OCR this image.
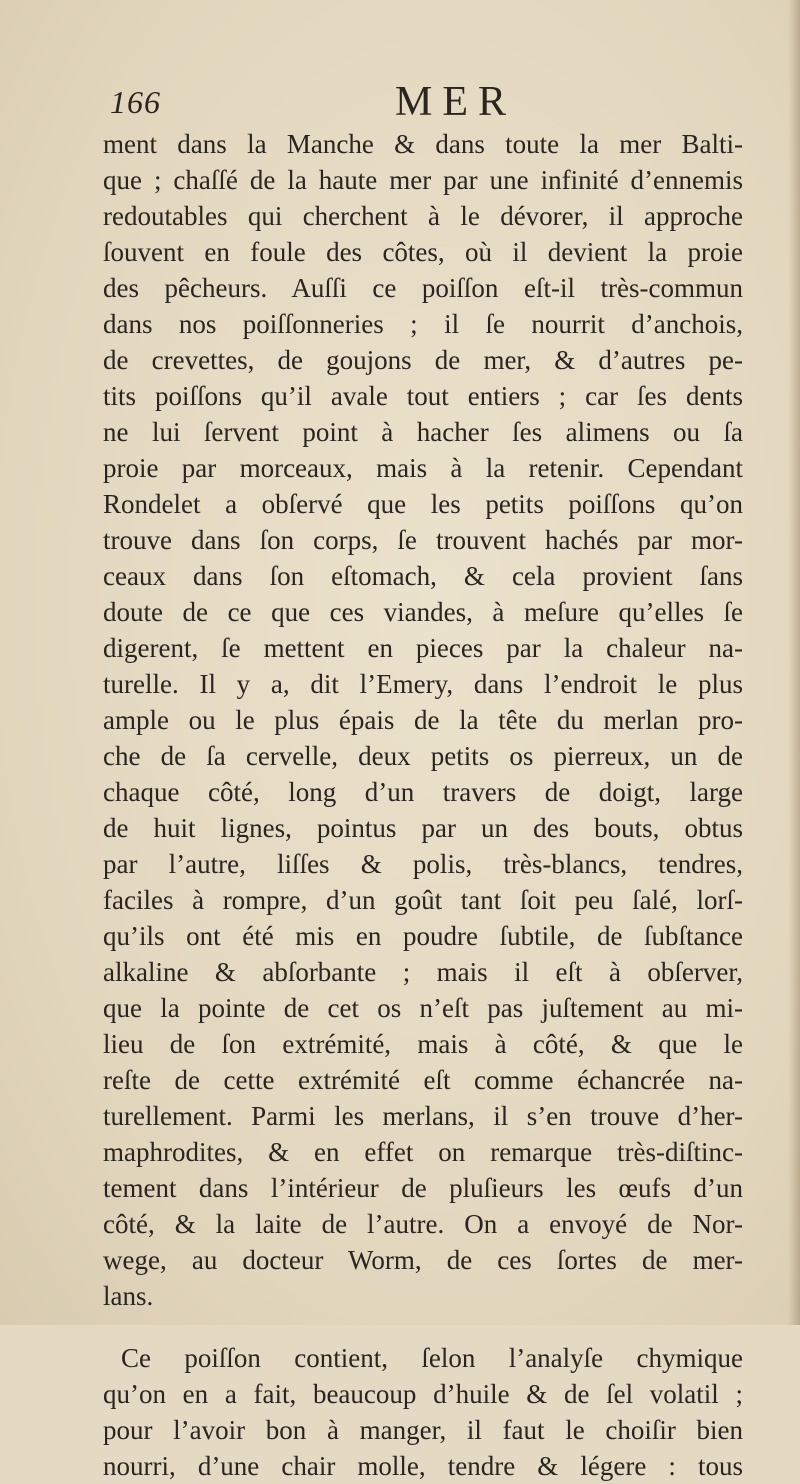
166	MER
ment dans la Manche & dans toute la mer Balti-
que ; chaſſé de la haute mer par une infinité d’ennemis
redoutables qui cherchent à le dévorer, il approche
ſouvent en foule des côtes, où il devient la proie
des pêcheurs. Auſſi ce poiſſon eſt-il très-commun
dans nos poiſſonneries ; il ſe nourrit d’anchois,
de crevettes, de goujons de mer, & d’autres pe-
tits poiſſons qu’il avale tout entiers ; car ſes dents
ne lui ſervent point à hacher ſes alimens ou ſa
proie par morceaux, mais à la retenir. Cependant
Rondelet a obſervé que les petits poiſſons qu’on
trouve dans ſon corps, ſe trouvent hachés par mor-
ceaux dans ſon eſtomach, & cela provient ſans
doute de ce que ces viandes, à meſure qu’elles ſe
digerent, ſe mettent en pieces par la chaleur na-
turelle. Il y a, dit l’Emery, dans l’endroit le plus
ample ou le plus épais de la tête du merlan pro-
che de ſa cervelle, deux petits os pierreux, un de
chaque côté, long d’un travers de doigt, large
de huit lignes, pointus par un des bouts, obtus
par l’autre, liſſes & polis, très-blancs, tendres,
faciles à rompre, d’un goût tant ſoit peu ſalé, lorſ-
qu’ils ont été mis en poudre ſubtile, de ſubſtance
alkaline & abſorbante ; mais il eſt à obſerver,
que la pointe de cet os n’eſt pas juſtement au mi-
lieu de ſon extrémité, mais à côté, & que le
reſte de cette extrémité eſt comme échancrée na-
turellement. Parmi les merlans, il s’en trouve d’her-
maphrodites, & en effet on remarque très-diſtinc-
tement dans l’intérieur de pluſieurs les œufs d’un
côté, & la laite de l’autre. On a envoyé de Nor-
wege, au docteur Worm, de ces ſortes de mer-
lans.
Ce poiſſon contient, ſelon l’analyſe chymique
qu’on en a fait, beaucoup d’huile & de ſel volatil ;
pour l’avoir bon à manger, il faut le choiſir bien
nourri, d’une chair molle, tendre & légere : tous
